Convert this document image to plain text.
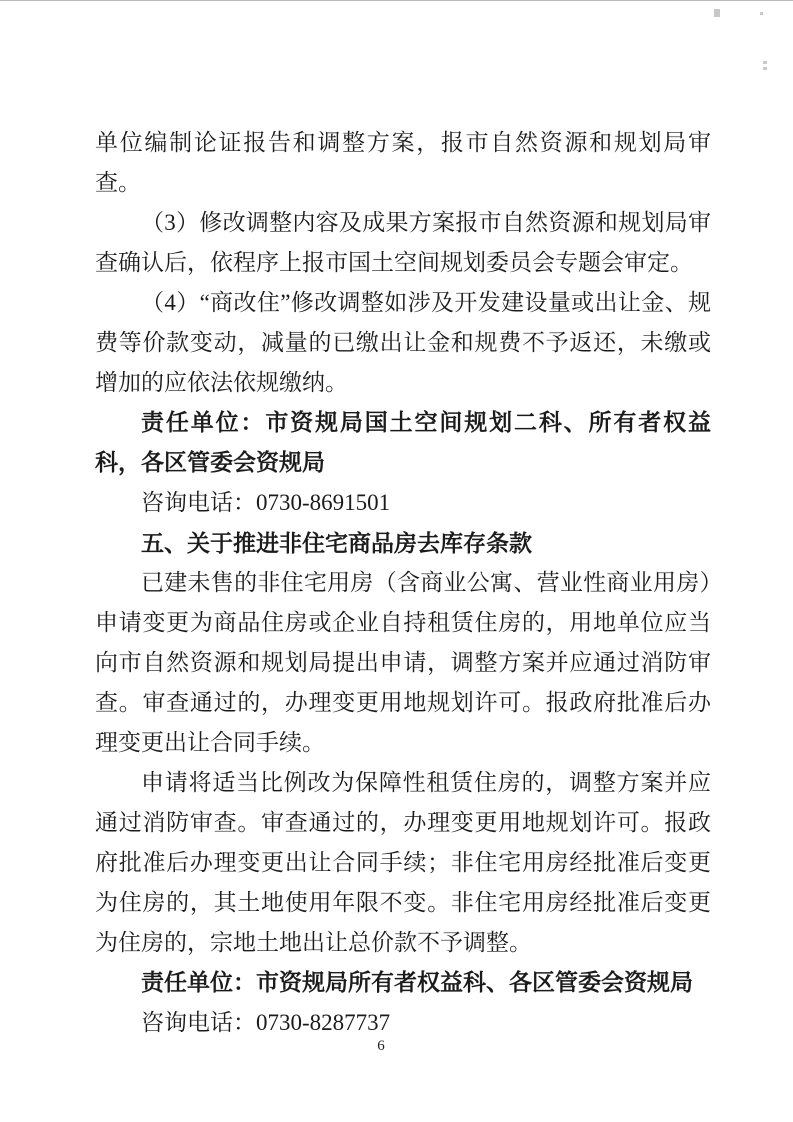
单位编制论证报告和调整方案，报市自然资源和规划局审查。

（3）修改调整内容及成果方案报市自然资源和规划局审查确认后，依程序上报市国土空间规划委员会专题会审定。

（4）“商改住”修改调整如涉及开发建设量或出让金、规费等价款变动，减量的已缴出让金和规费不予返还，未缴或增加的应依法依规缴纳。

责任单位：市资规局国土空间规划二科、所有者权益科，各区管委会资规局

咨询电话：0730-8691501

五、关于推进非住宅商品房去库存条款

已建未售的非住宅用房（含商业公寓、营业性商业用房）申请变更为商品住房或企业自持租赁住房的，用地单位应当向市自然资源和规划局提出申请，调整方案并应通过消防审查。审查通过的，办理变更用地规划许可。报政府批准后办理变更出让合同手续。

申请将适当比例改为保障性租赁住房的，调整方案并应通过消防审查。审查通过的，办理变更用地规划许可。报政府批准后办理变更出让合同手续；非住宅用房经批准后变更为住房的，其土地使用年限不变。非住宅用房经批准后变更为住房的，宗地土地出让总价款不予调整。

责任单位：市资规局所有者权益科、各区管委会资规局

咨询电话：0730-8287737

6
